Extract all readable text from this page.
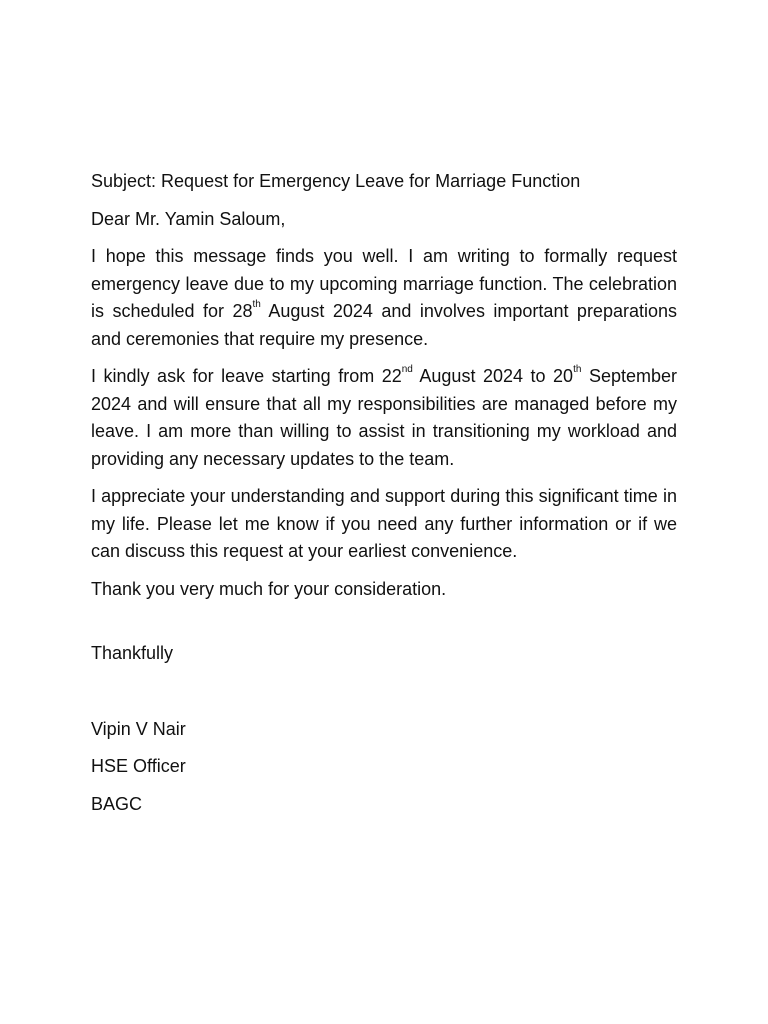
Subject: Request for Emergency Leave for Marriage Function

Dear Mr. Yamin Saloum,

I hope this message finds you well. I am writing to formally request emergency leave due to my upcoming marriage function. The celebration is scheduled for 28th August 2024 and involves important preparations and ceremonies that require my presence.

I kindly ask for leave starting from 22nd August 2024 to 20th September 2024 and will ensure that all my responsibilities are managed before my leave. I am more than willing to assist in transitioning my workload and providing any necessary updates to the team.

I appreciate your understanding and support during this significant time in my life. Please let me know if you need any further information or if we can discuss this request at your earliest convenience.

Thank you very much for your consideration.

Thankfully

Vipin V Nair

HSE Officer

BAGC
